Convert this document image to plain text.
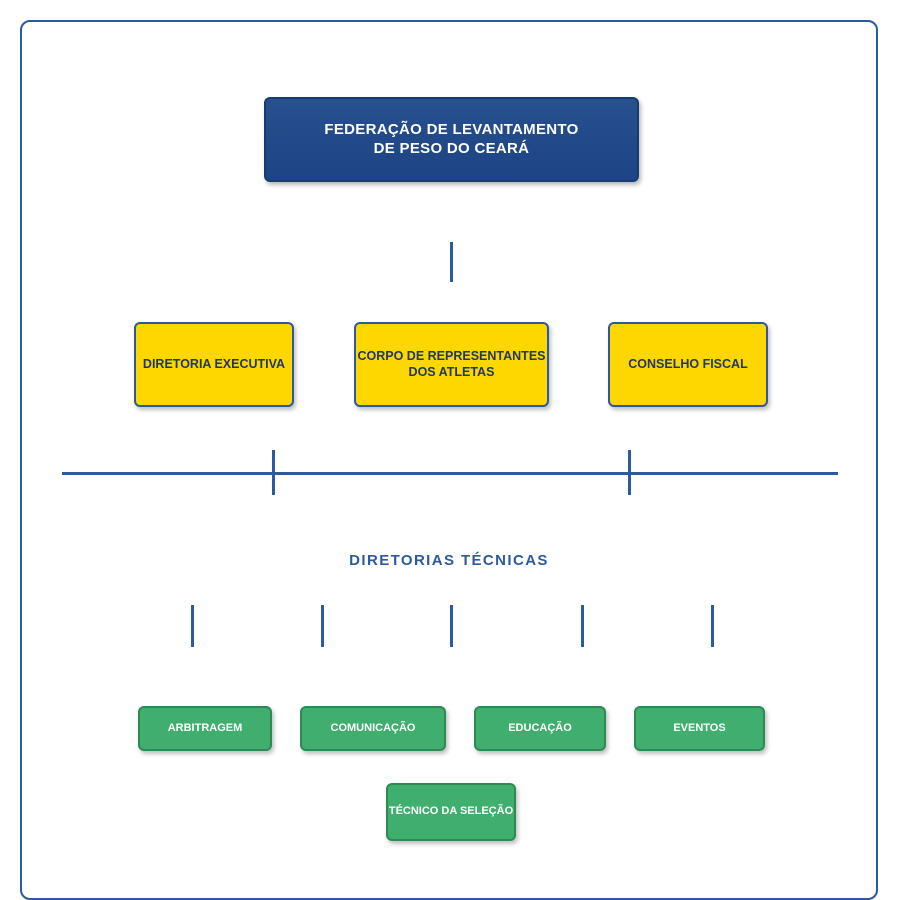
FEDERAÇÃO DE LEVANTAMENTO
DE PESO DO CEARÁ
DIRETORIA EXECUTIVA
CORPO DE REPRESENTANTES DOS ATLETAS
CONSELHO FISCAL
DIRETORIAS TÉCNICAS
ARBITRAGEM	COMUNICAÇÃO	EDUCAÇÃO	EVENTOS
TÉCNICO DA SELEÇÃO
